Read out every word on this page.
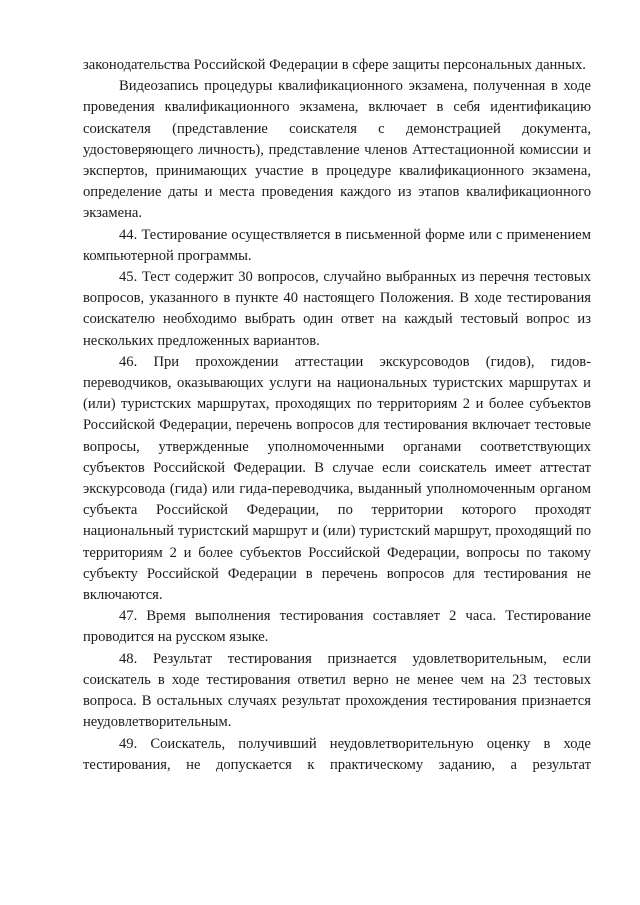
законодательства Российской Федерации в сфере защиты персональных данных.

Видеозапись процедуры квалификационного экзамена, полученная в ходе проведения квалификационного экзамена, включает в себя идентификацию соискателя (представление соискателя с демонстрацией документа, удостоверяющего личность), представление членов Аттестационной комиссии и экспертов, принимающих участие в процедуре квалификационного экзамена, определение даты и места проведения каждого из этапов квалификационного экзамена.

44. Тестирование осуществляется в письменной форме или с применением компьютерной программы.

45. Тест содержит 30 вопросов, случайно выбранных из перечня тестовых вопросов, указанного в пункте 40 настоящего Положения. В ходе тестирования соискателю необходимо выбрать один ответ на каждый тестовый вопрос из нескольких предложенных вариантов.

46. При прохождении аттестации экскурсоводов (гидов), гидов-переводчиков, оказывающих услуги на национальных туристских маршрутах и (или) туристских маршрутах, проходящих по территориям 2 и более субъектов Российской Федерации, перечень вопросов для тестирования включает тестовые вопросы, утвержденные уполномоченными органами соответствующих субъектов Российской Федерации. В случае если соискатель имеет аттестат экскурсовода (гида) или гида-переводчика, выданный уполномоченным органом субъекта Российской Федерации, по территории которого проходят национальный туристский маршрут и (или) туристский маршрут, проходящий по территориям 2 и более субъектов Российской Федерации, вопросы по такому субъекту Российской Федерации в перечень вопросов для тестирования не включаются.

47. Время выполнения тестирования составляет 2 часа. Тестирование проводится на русском языке.

48. Результат тестирования признается удовлетворительным, если соискатель в ходе тестирования ответил верно не менее чем на 23 тестовых вопроса. В остальных случаях результат прохождения тестирования признается неудовлетворительным.

49. Соискатель, получивший неудовлетворительную оценку в ходе тестирования, не допускается к практическому заданию, а результат
